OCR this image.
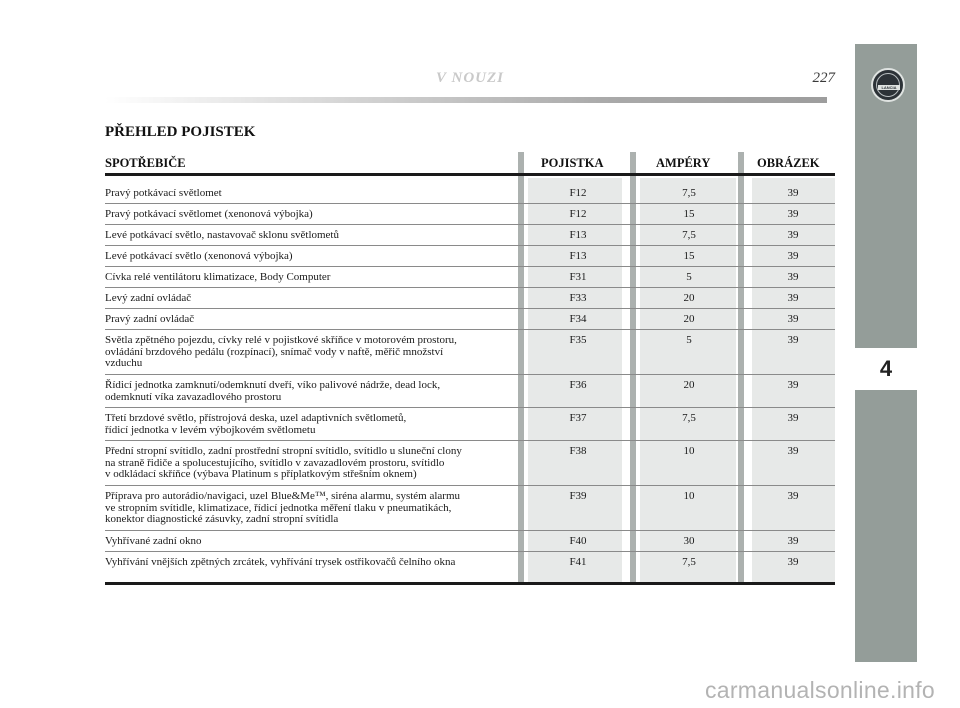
V NOUZI	227
LANCIA
4
PŘEHLED POJISTEK
SPOTŘEBIČE	POJISTKA	AMPÉRY	OBRÁZEK
Pravý potkávací světlomet	F12	7,5	39
Pravý potkávací světlomet (xenonová výbojka)	F12	15	39
Levé potkávací světlo, nastavovač sklonu světlometů	F13	7,5	39
Levé potkávací světlo (xenonová výbojka)	F13	15	39
Cívka relé ventilátoru klimatizace, Body Computer	F31	5	39
Levý zadní ovládač	F33	20	39
Pravý zadní ovládač	F34	20	39
Světla zpětného pojezdu, cívky relé v pojistkové skříňce v motorovém prostoru,
ovládání brzdového pedálu (rozpínací), snímač vody v naftě, měřič množství
vzduchu
F35	5	39
Řídicí jednotka zamknutí/odemknutí dveří, víko palivové nádrže, dead lock,
odemknutí víka zavazadlového prostoru
F36	20	39
Třetí brzdové světlo, přístrojová deska, uzel adaptivních světlometů,
řídicí jednotka v levém výbojkovém světlometu
F37	7,5	39
Přední stropní svítidlo, zadní prostřední stropní svítidlo, svítidlo u sluneční clony
na straně řidiče a spolucestujícího, svítidlo v zavazadlovém prostoru, svítidlo
v odkládací skříňce (výbava Platinum s příplatkovým střešním oknem)
F38	10	39
Příprava pro autorádio/navigaci, uzel Blue&Me™, siréna alarmu, systém alarmu
ve stropním svítidle, klimatizace, řídicí jednotka měření tlaku v pneumatikách,
konektor diagnostické zásuvky, zadní stropní svítidla
F39	10	39
Vyhřívané zadní okno	F40	30	39
Vyhřívání vnějších zpětných zrcátek, vyhřívání trysek ostřikovačů čelního okna	F41	7,5	39
carmanualsonline.info
